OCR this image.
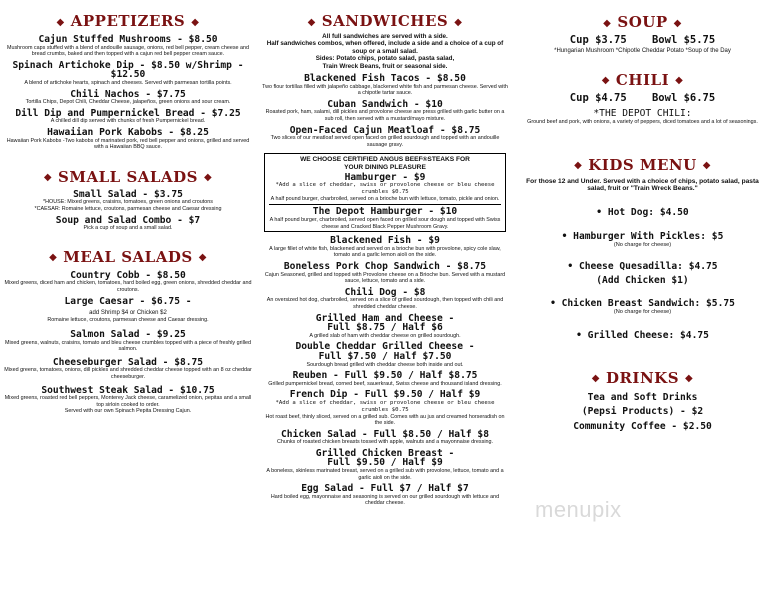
◆ APPETIZERS ◆
Cajun Stuffed Mushrooms - $8.50
Mushroom caps stuffed with a blend of andouille sausage, onions, red bell pepper, cream cheese and bread crumbs, baked and then topped with a cajun red bell pepper cream sauce.
Spinach Artichoke Dip - $8.50 w/Shrimp - $12.50
A blend of artichoke hearts, spinach and cheeses. Served with parmesan tortilla points.
Chili Nachos - $7.75
Tortilla Chips, Depot Chili, Cheddar Cheese, jalapeños, green onions and sour cream.
Dill Dip and Pumpernickel Bread - $7.25
A chilled dill dip served with chunks of fresh Pumpernickel bread.
Hawaiian Pork Kabobs - $8.25
Hawaiian Pork Kabobs -Two kabobs of marinated pork, red bell pepper and onions, grilled and served with a Hawaiian BBQ sauce.
◆ SMALL SALADS ◆
Small Salad - $3.75
*HOUSE: Mixed greens, craisins, tomatoes, green onions and croutons
*CAESAR: Romaine lettuce, croutons, parmesan cheese and Caesar dressing
Soup and Salad Combo - $7
Pick a cup of soup and a small salad.
◆ MEAL SALADS ◆
Country Cobb - $8.50
Mixed greens, diced ham and chicken, tomatoes, hard boiled egg, green onions, shredded cheddar and croutons.
Large Caesar - $6.75 -
add Shrimp $4 or Chicken $2
Romaine lettuce, croutons, parmesan cheese and Caesar dressing.
Salmon Salad - $9.25
Mixed greens, walnuts, craisins, tomato and bleu cheese crumbles topped with a piece of freshly grilled salmon.
Cheeseburger Salad - $8.75
Mixed greens, tomatoes, onions, dill pickles and shredded cheddar cheese topped with an 8 oz cheddar cheeseburger.
Southwest Steak Salad - $10.75
Mixed greens, roasted red bell peppers, Monterey Jack cheese, caramelized onion, pepitas and a small top sirloin cooked to order.
Served with our own Spinach Pepita Dressing Cajun.
◆ SANDWICHES ◆
All full sandwiches are served with a side.
Half sandwiches combos, when offered, include a side and a choice of a cup of soup or a small salad.
Sides: Potato chips, potato salad, pasta salad,
Train Wreck Beans, fruit or seasonal side.
Blackened Fish Tacos - $8.50
Two flour tortillas filled with jalapeño cabbage, blackened white fish and parmesan cheese. Served with a chipotle tartar sauce.
Cuban Sandwich - $10
Roasted pork, ham, salami, dill pickles and provolone cheese are press grilled with garlic butter on a sub roll, then served with a mustard/mayo mixture.
Open-Faced Cajun Meatloaf - $8.75
Two slices of our meatloaf served open faced on grilled sourdough and topped with an andouille sausage gravy.
WE CHOOSE CERTIFIED ANGUS BEEF®STEAKS FOR
YOUR DINING PLEASURE
Hamburger - $9
*Add a slice of cheddar, swiss or provolone cheese or bleu cheese crumbles $0.75
A half pound burger, charbroiled, served on a brioche bun with lettuce, tomato, pickle and onion.
The Depot Hamburger - $10
A half pound burger, charbroiled, served open faced on grilled sour dough and topped with Swiss cheese and Cracked Black Pepper Mushroom Gravy.
Blackened Fish - $9
A large fillet of white fish, blackened and served on a brioche bun with provolone, spicy cole slaw, tomato and a garlic lemon aioli on the side.
Boneless Pork Chop Sandwich - $8.75
Cajun Seasoned, grilled and topped with Provolone cheese on a Brioche bun. Served with a mustard sauce, lettuce, tomato and a side.
Chili Dog - $8
An oversized hot dog, charbroiled, served on a slice of grilled sourdough, then topped with chili and shredded cheddar cheese.
Grilled Ham and Cheese -
Full $8.75 / Half $6
A grilled slab of ham with cheddar cheese on grilled sourdough.
Double Cheddar Grilled Cheese -
Full $7.50 / Half $7.50
Sourdough bread grilled with cheddar cheese both inside and out.
Reuben - Full $9.50 / Half $8.75
Grilled pumpernickel bread, corned beef, sauerkraut, Swiss cheese and thousand island dressing.
French Dip - Full $9.50 / Half $9
*Add a slice of cheddar, swiss or provolone cheese or bleu cheese crumbles $0.75
Hot roast beef, thinly sliced, served on a grilled sub. Comes with au jus and creamed horseradish on the side.
Chicken Salad - Full $8.50 / Half $8
Chunks of roasted chicken breasts tossed with apple, walnuts and a mayonnaise dressing.
Grilled Chicken Breast -
Full $9.50 / Half $9
A boneless, skinless marinated breast, served on a grilled sub with provolone, lettuce, tomato and a garlic aioli on the side.
Egg Salad - Full $7 / Half $7
Hard boiled egg, mayonnaise and seasoning is served on our grilled sourdough with lettuce and cheddar cheese.
◆ SOUP ◆
Cup $3.75    Bowl $5.75
*Hungarian Mushroom *Chipotle Cheddar Potato *Soup of the Day
◆ CHILI ◆
Cup $4.75    Bowl $6.75
*THE DEPOT CHILI:
Ground beef and pork, with onions, a variety of peppers, diced tomatoes and a lot of seasonings.
◆ KIDS MENU ◆
For those 12 and Under. Served with a choice of chips, potato salad, pasta salad, fruit or "Train Wreck Beans."
• Hot Dog: $4.50
• Hamburger With Pickles: $5
(No charge for cheese)
• Cheese Quesadilla: $4.75
(Add Chicken $1)
• Chicken Breast Sandwich: $5.75
(No charge for cheese)
• Grilled Cheese: $4.75
◆ DRINKS ◆
Tea and Soft Drinks
(Pepsi Products) - $2
Community Coffee - $2.50
menupix
